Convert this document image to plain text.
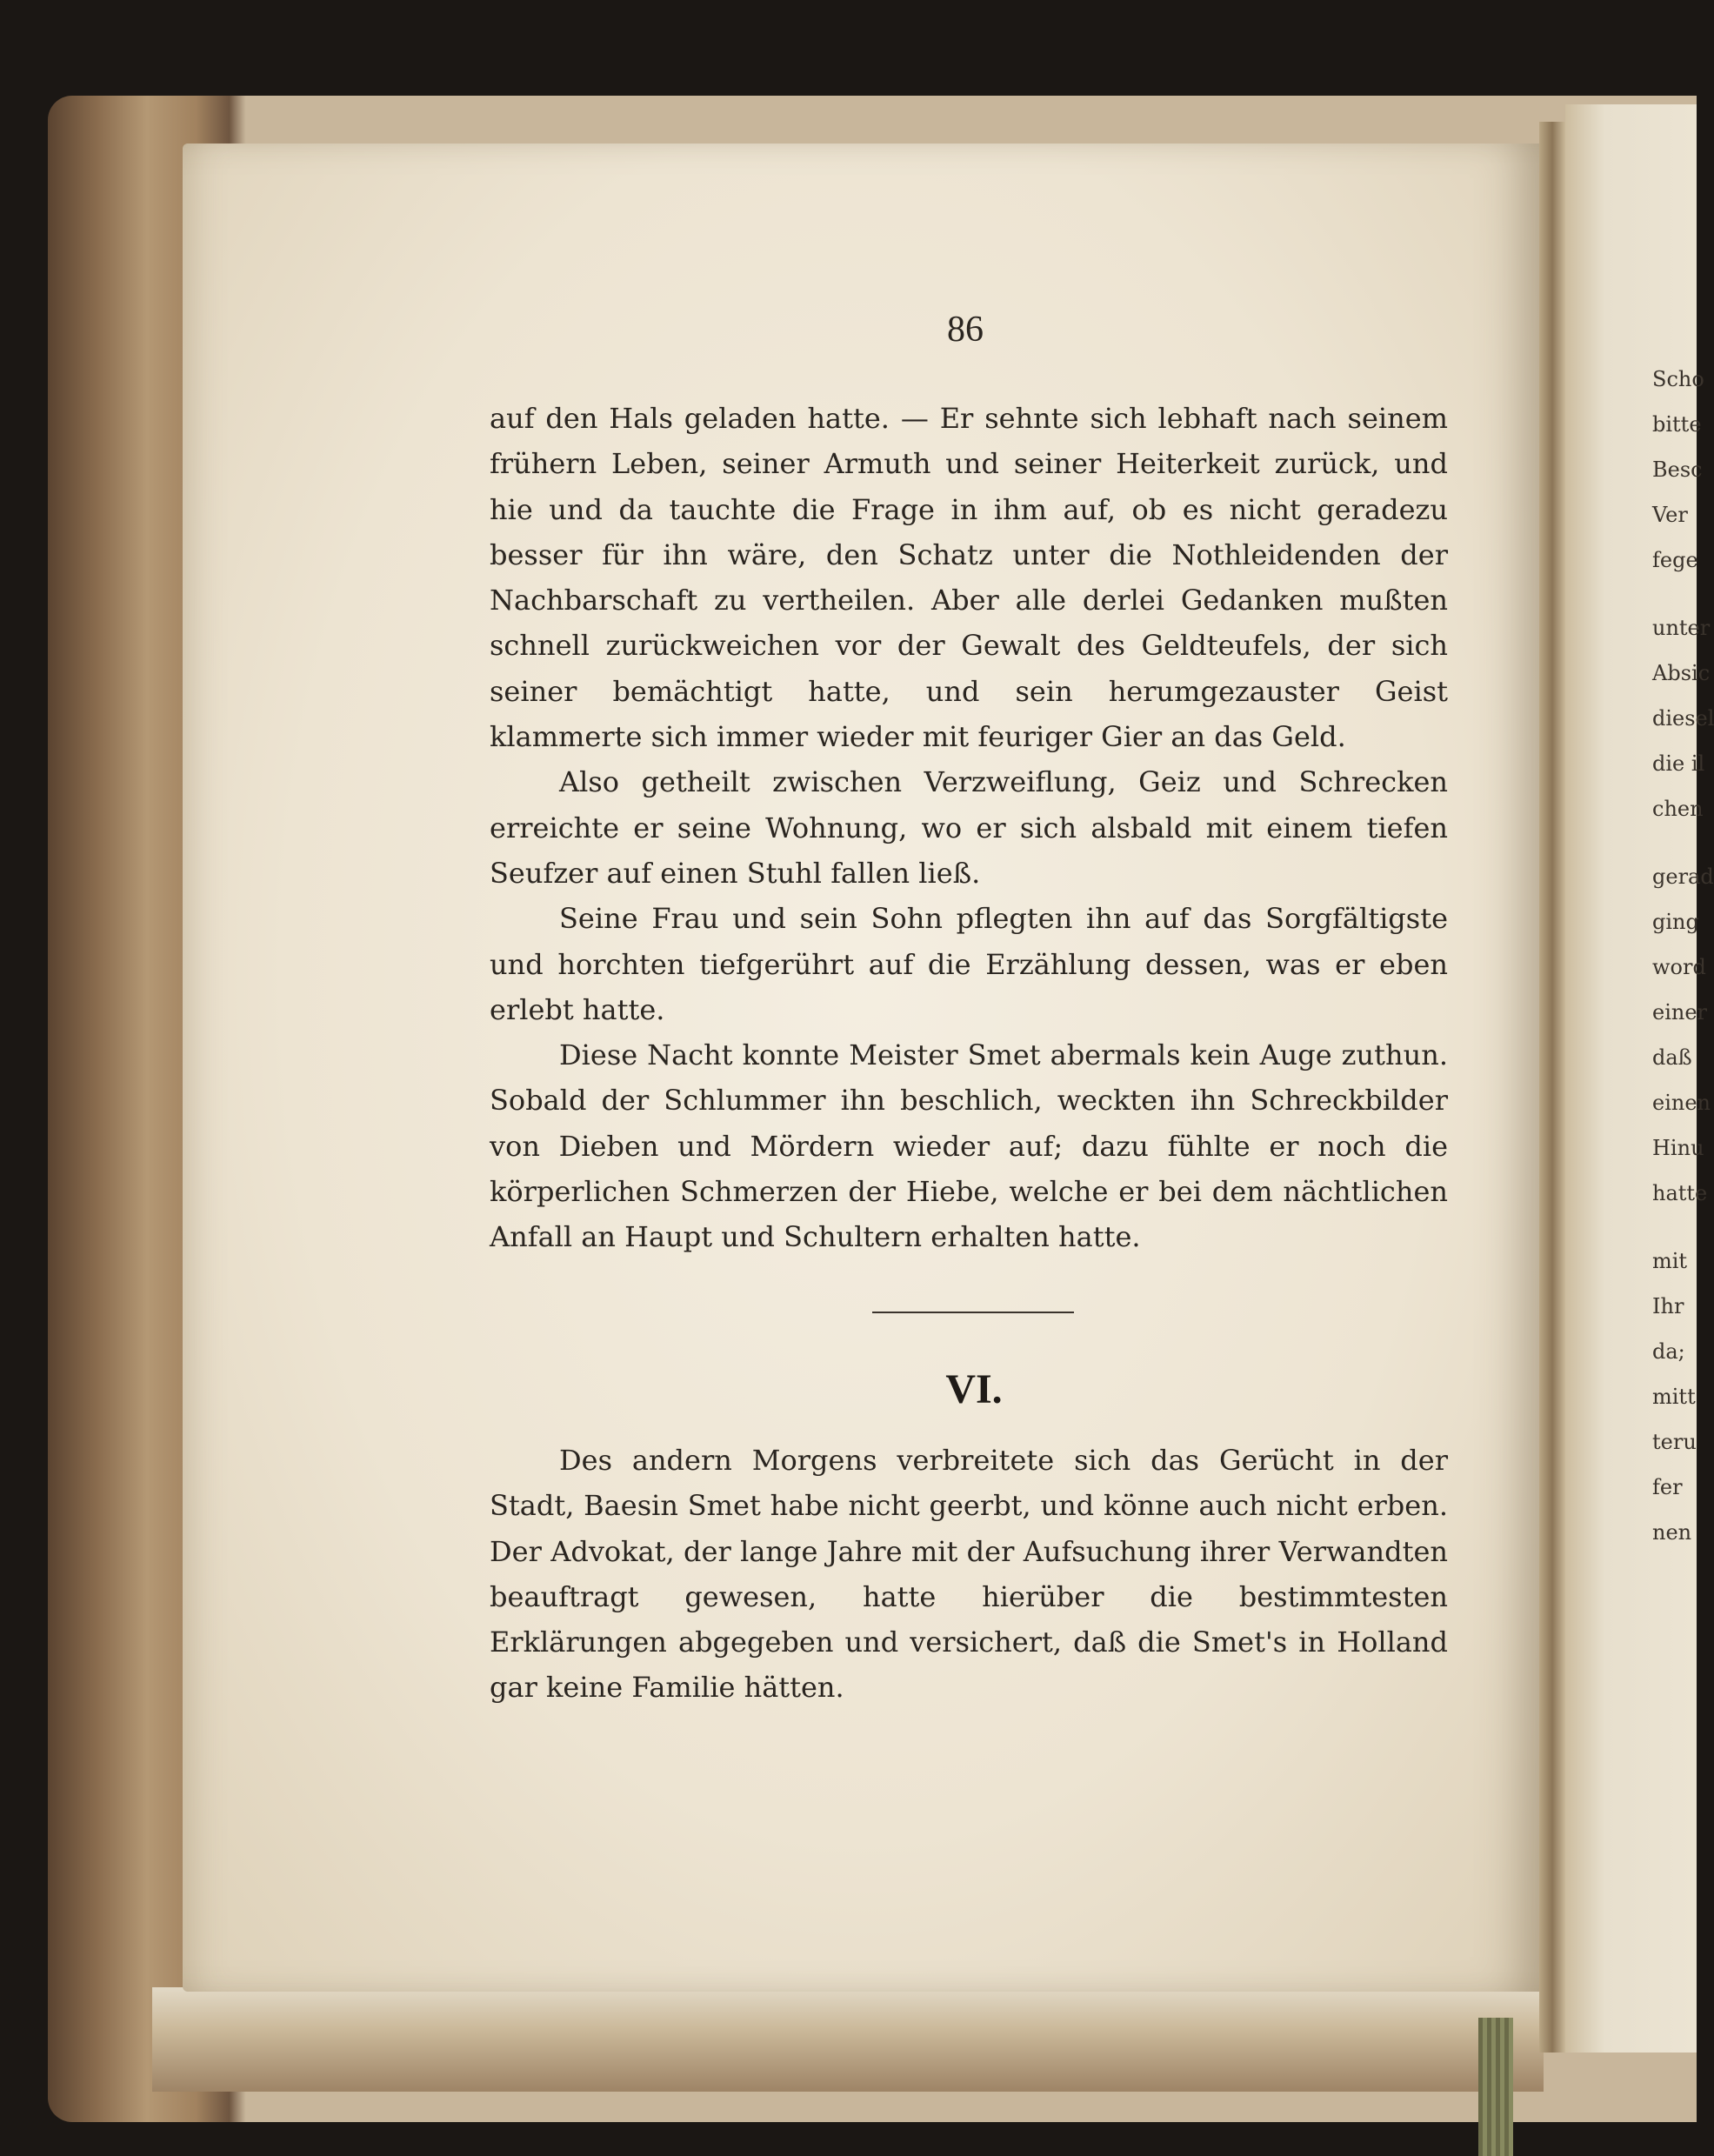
86

auf den Hals geladen hatte. — Er sehnte sich lebhaft nach seinem frühern Leben, seiner Armuth und seiner Heiterkeit zurück, und hie und da tauchte die Frage in ihm auf, ob es nicht geradezu besser für ihn wäre, den Schatz unter die Nothleidenden der Nachbarschaft zu vertheilen. Aber alle derlei Gedanken mußten schnell zurückweichen vor der Gewalt des Geldteufels, der sich seiner bemächtigt hatte, und sein herumgezauster Geist klammerte sich immer wieder mit feuriger Gier an das Geld.

Also getheilt zwischen Verzweiflung, Geiz und Schrecken erreichte er seine Wohnung, wo er sich alsbald mit einem tiefen Seufzer auf einen Stuhl fallen ließ.

Seine Frau und sein Sohn pflegten ihn auf das Sorgfältigste und horchten tiefgerührt auf die Erzählung dessen, was er eben erlebt hatte.

Diese Nacht konnte Meister Smet abermals kein Auge zuthun. Sobald der Schlummer ihn beschlich, weckten ihn Schreckbilder von Dieben und Mördern wieder auf; dazu fühlte er noch die körperlichen Schmerzen der Hiebe, welche er bei dem nächtlichen Anfall an Haupt und Schultern erhalten hatte.

VI.

Des andern Morgens verbreitete sich das Gerücht in der Stadt, Baesin Smet habe nicht geerbt, und könne auch nicht erben. Der Advokat, der lange Jahre mit der Aufsuchung ihrer Verwandten beauftragt gewesen, hatte hierüber die bestimmtesten Erklärungen abgegeben und versichert, daß die Smet's in Holland gar keine Familie hätten.

Scho
bitte
Besc
Ver
fege
unter
Absic
diesel
die il
chen
gerad
ging
word
einer
daß
einen
Hinu
hatte
mit
Ihr
da;
mitt
teru
fer
nen
